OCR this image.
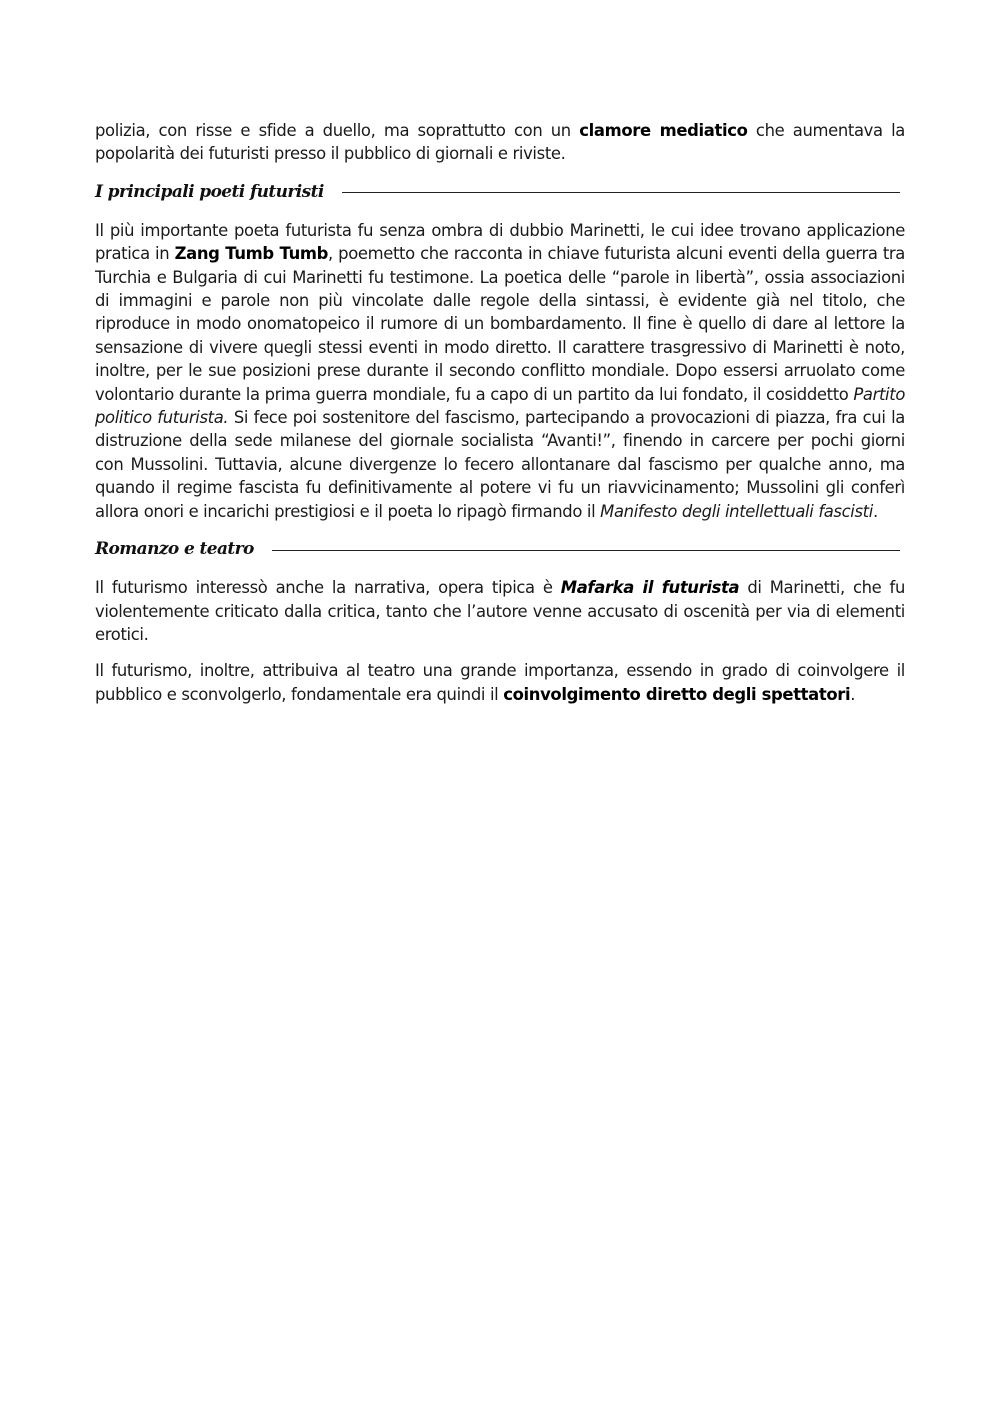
polizia, con risse e sfide a duello, ma soprattutto con un clamore mediatico che aumentava la popolarità dei futuristi presso il pubblico di giornali e riviste.

I principali poeti futuristi

Il più importante poeta futurista fu senza ombra di dubbio Marinetti, le cui idee trovano applicazione pratica in Zang Tumb Tumb, poemetto che racconta in chiave futurista alcuni eventi della guerra tra Turchia e Bulgaria di cui Marinetti fu testimone. La poetica delle “parole in libertà”, ossia associazioni di immagini e parole non più vincolate dalle regole della sintassi, è evidente già nel titolo, che riproduce in modo onomatopeico il rumore di un bombardamento. Il fine è quello di dare al lettore la sensazione di vivere quegli stessi eventi in modo diretto. Il carattere trasgressivo di Marinetti è noto, inoltre, per le sue posizioni prese durante il secondo conflitto mondiale. Dopo essersi arruolato come volontario durante la prima guerra mondiale, fu a capo di un partito da lui fondato, il cosiddetto Partito politico futurista. Si fece poi sostenitore del fascismo, partecipando a provocazioni di piazza, fra cui la distruzione della sede milanese del giornale socialista “Avanti!”, finendo in carcere per pochi giorni con Mussolini. Tuttavia, alcune divergenze lo fecero allontanare dal fascismo per qualche anno, ma quando il regime fascista fu definitivamente al potere vi fu un riavvicinamento; Mussolini gli conferì allora onori e incarichi prestigiosi e il poeta lo ripagò firmando il Manifesto degli intellettuali fascisti.

Romanzo e teatro

Il futurismo interessò anche la narrativa, opera tipica è Mafarka il futurista di Marinetti, che fu violentemente criticato dalla critica, tanto che l’autore venne accusato di oscenità per via di elementi erotici.

Il futurismo, inoltre, attribuiva al teatro una grande importanza, essendo in grado di coinvolgere il pubblico e sconvolgerlo, fondamentale era quindi il coinvolgimento diretto degli spettatori.
